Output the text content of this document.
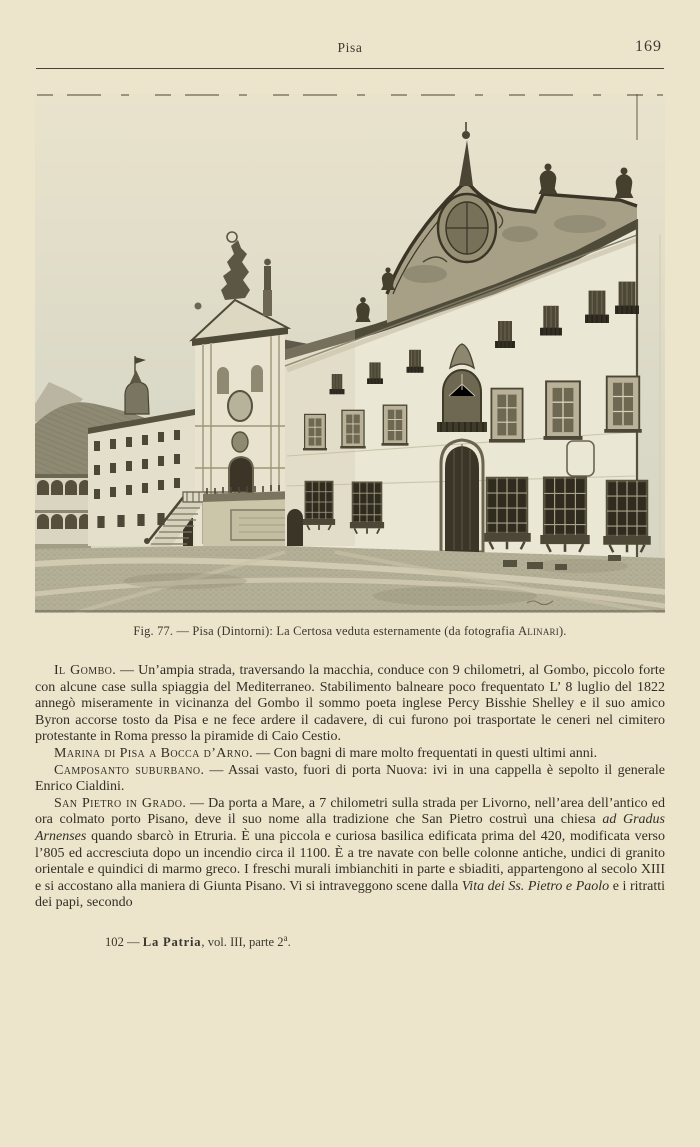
Pisa	169
Fig. 77. — Pisa (Dintorni): La Certosa veduta esternamente (da fotografia Alinari).

Il Gombo. — Un’ampia strada, traversando la macchia, conduce con 9 chilometri, al Gombo, piccolo forte con alcune case sulla spiaggia del Mediterraneo. Stabilimento balneare poco frequentato L’ 8 luglio del 1822 annegò miseramente in vicinanza del Gombo il sommo poeta inglese Percy Bisshie Shelley e il suo amico Byron accorse tosto da Pisa e ne fece ardere il cadavere, di cui furono poi trasportate le ceneri nel cimitero protestante in Roma presso la piramide di Caio Cestio.

Marina di Pisa a Bocca d’Arno. — Con bagni di mare molto frequentati in questi ultimi anni.

Camposanto suburbano. — Assai vasto, fuori di porta Nuova: ivi in una cappella è sepolto il generale Enrico Cialdini.

San Pietro in Grado. — Da porta a Mare, a 7 chilometri sulla strada per Livorno, nell’area dell’antico ed ora colmato porto Pisano, deve il suo nome alla tradizione che San Pietro costruì una chiesa ad Gradus Arnenses quando sbarcò in Etruria. È una piccola e curiosa basilica edificata prima del 420, modificata verso l’805 ed accresciuta dopo un incendio circa il 1100. È a tre navate con belle colonne antiche, undici di granito orientale e quindici di marmo greco. I freschi murali imbianchiti in parte e sbiaditi, appartengono al secolo XIII e si accostano alla maniera di Giunta Pisano. Vi si intraveggono scene dalla Vita dei Ss. Pietro e Paolo e i ritratti dei papi, secondo

102 — La Patria, vol. III, parte 2$^a$.
